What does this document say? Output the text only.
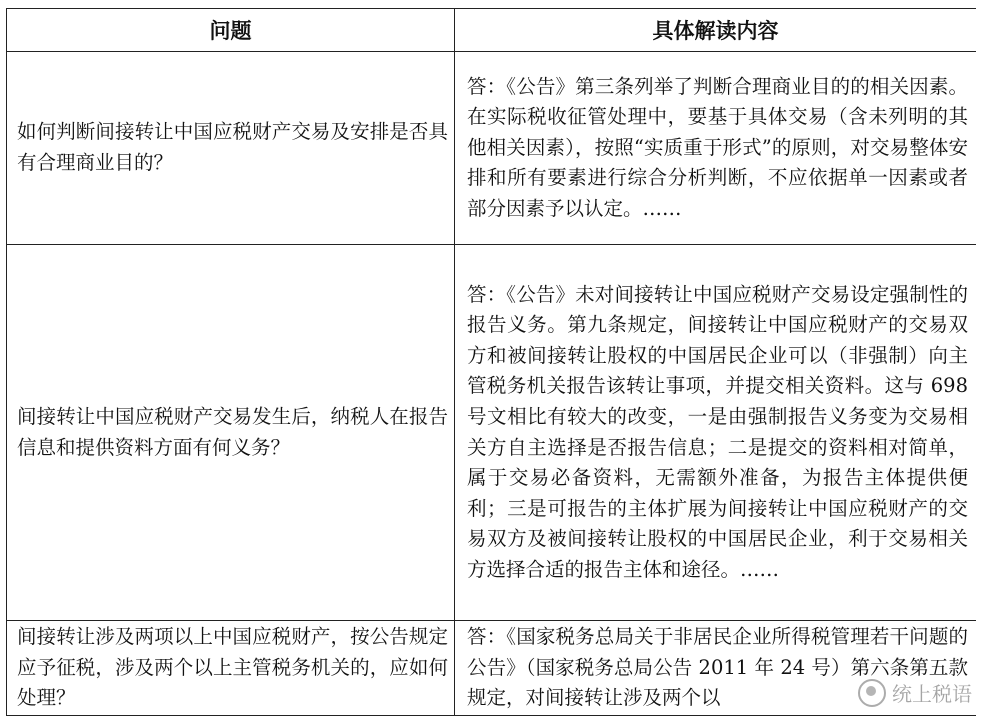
问题	具体解读内容
如何判断间接转让中国应税财产交易及安排是否具有合理商业目的？	答：《公告》第三条列举了判断合理商业目的的相关因素。在实际税收征管处理中，要基于具体交易（含未列明的其他相关因素），按照“实质重于形式”的原则，对交易整体安排和所有要素进行综合分析判断，不应依据单一因素或者部分因素予以认定。……
间接转让中国应税财产交易发生后，纳税人在报告信息和提供资料方面有何义务？	答：《公告》未对间接转让中国应税财产交易设定强制性的报告义务。第九条规定，间接转让中国应税财产的交易双方和被间接转让股权的中国居民企业可以（非强制）向主管税务机关报告该转让事项，并提交相关资料。这与 698 号文相比有较大的改变，一是由强制报告义务变为交易相关方自主选择是否报告信息；二是提交的资料相对简单，属于交易必备资料，无需额外准备，为报告主体提供便利；三是可报告的主体扩展为间接转让中国应税财产的交易双方及被间接转让股权的中国居民企业，利于交易相关方选择合适的报告主体和途径。……

间接转让涉及两项以上中国应税财产，按公告规定应予征税，涉及两个以上主管税务机关的，应如何处理？	答：《国家税务总局关于非居民企业所得税管理若干问题的公告》（国家税务总局公告 2011 年 24 号）第六条第五款规定，对间接转让涉及两个以	统上税语
